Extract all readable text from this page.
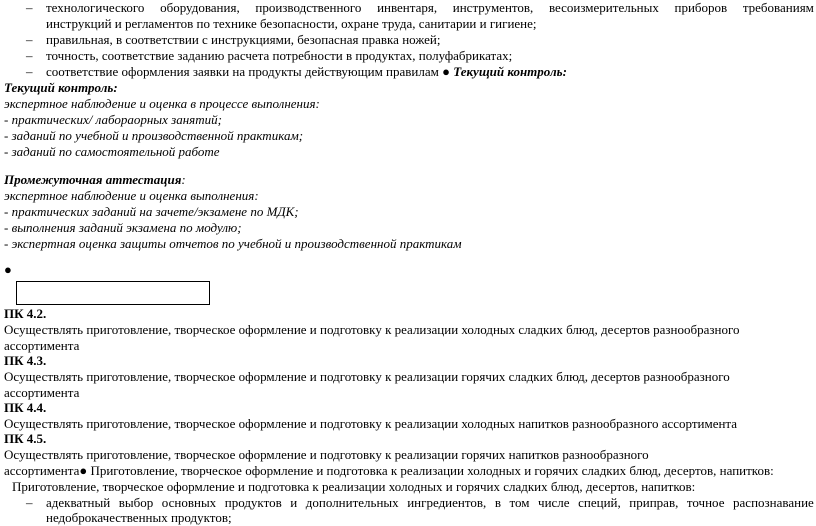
– технологического оборудования, производственного инвентаря, инструментов, весоизмерительных приборов требованиям
инструкций и регламентов по технике безопасности, охране труда, санитарии и гигиене;
– правильная, в соответствии с инструкциями, безопасная правка ножей;
– точность, соответствие заданию расчета потребности в продуктах, полуфабрикатах;
– соответствие оформления заявки на продукты действующим правилам ● Текущий контроль:
Текущий контроль:
экспертное наблюдение и оценка в процессе выполнения:
- практических/ лабораорных занятий;
- заданий по учебной и производственной практикам;
- заданий по самостоятельной работе
Промежуточная аттестация:
экспертное наблюдение и оценка выполнения:
- практических заданий на зачете/экзамене по МДК;
- выполнения заданий экзамена по модулю;
- экспертная оценка защиты отчетов по учебной и производственной практикам
●
ПК 4.2.
Осуществлять приготовление, творческое оформление и подготовку к реализации холодных сладких блюд, десертов разнообразного
ассортимента
ПК 4.3.
Осуществлять приготовление, творческое оформление и подготовку к реализации горячих сладких блюд, десертов разнообразного
ассортимента
ПК 4.4.
Осуществлять приготовление, творческое оформление и подготовку к реализации холодных напитков разнообразного ассортимента
ПК 4.5.
Осуществлять приготовление, творческое оформление и подготовку к реализации горячих напитков разнообразного
ассортимента● Приготовление, творческое оформление и подготовка к реализации холодных и горячих сладких блюд, десертов, напитков:
Приготовление, творческое оформление и подготовка к реализации холодных и горячих сладких блюд, десертов, напитков:
– адекватный выбор основных продуктов и дополнительных ингредиентов, в том числе специй, приправ, точное распознавание
недоброкачественных продуктов;
